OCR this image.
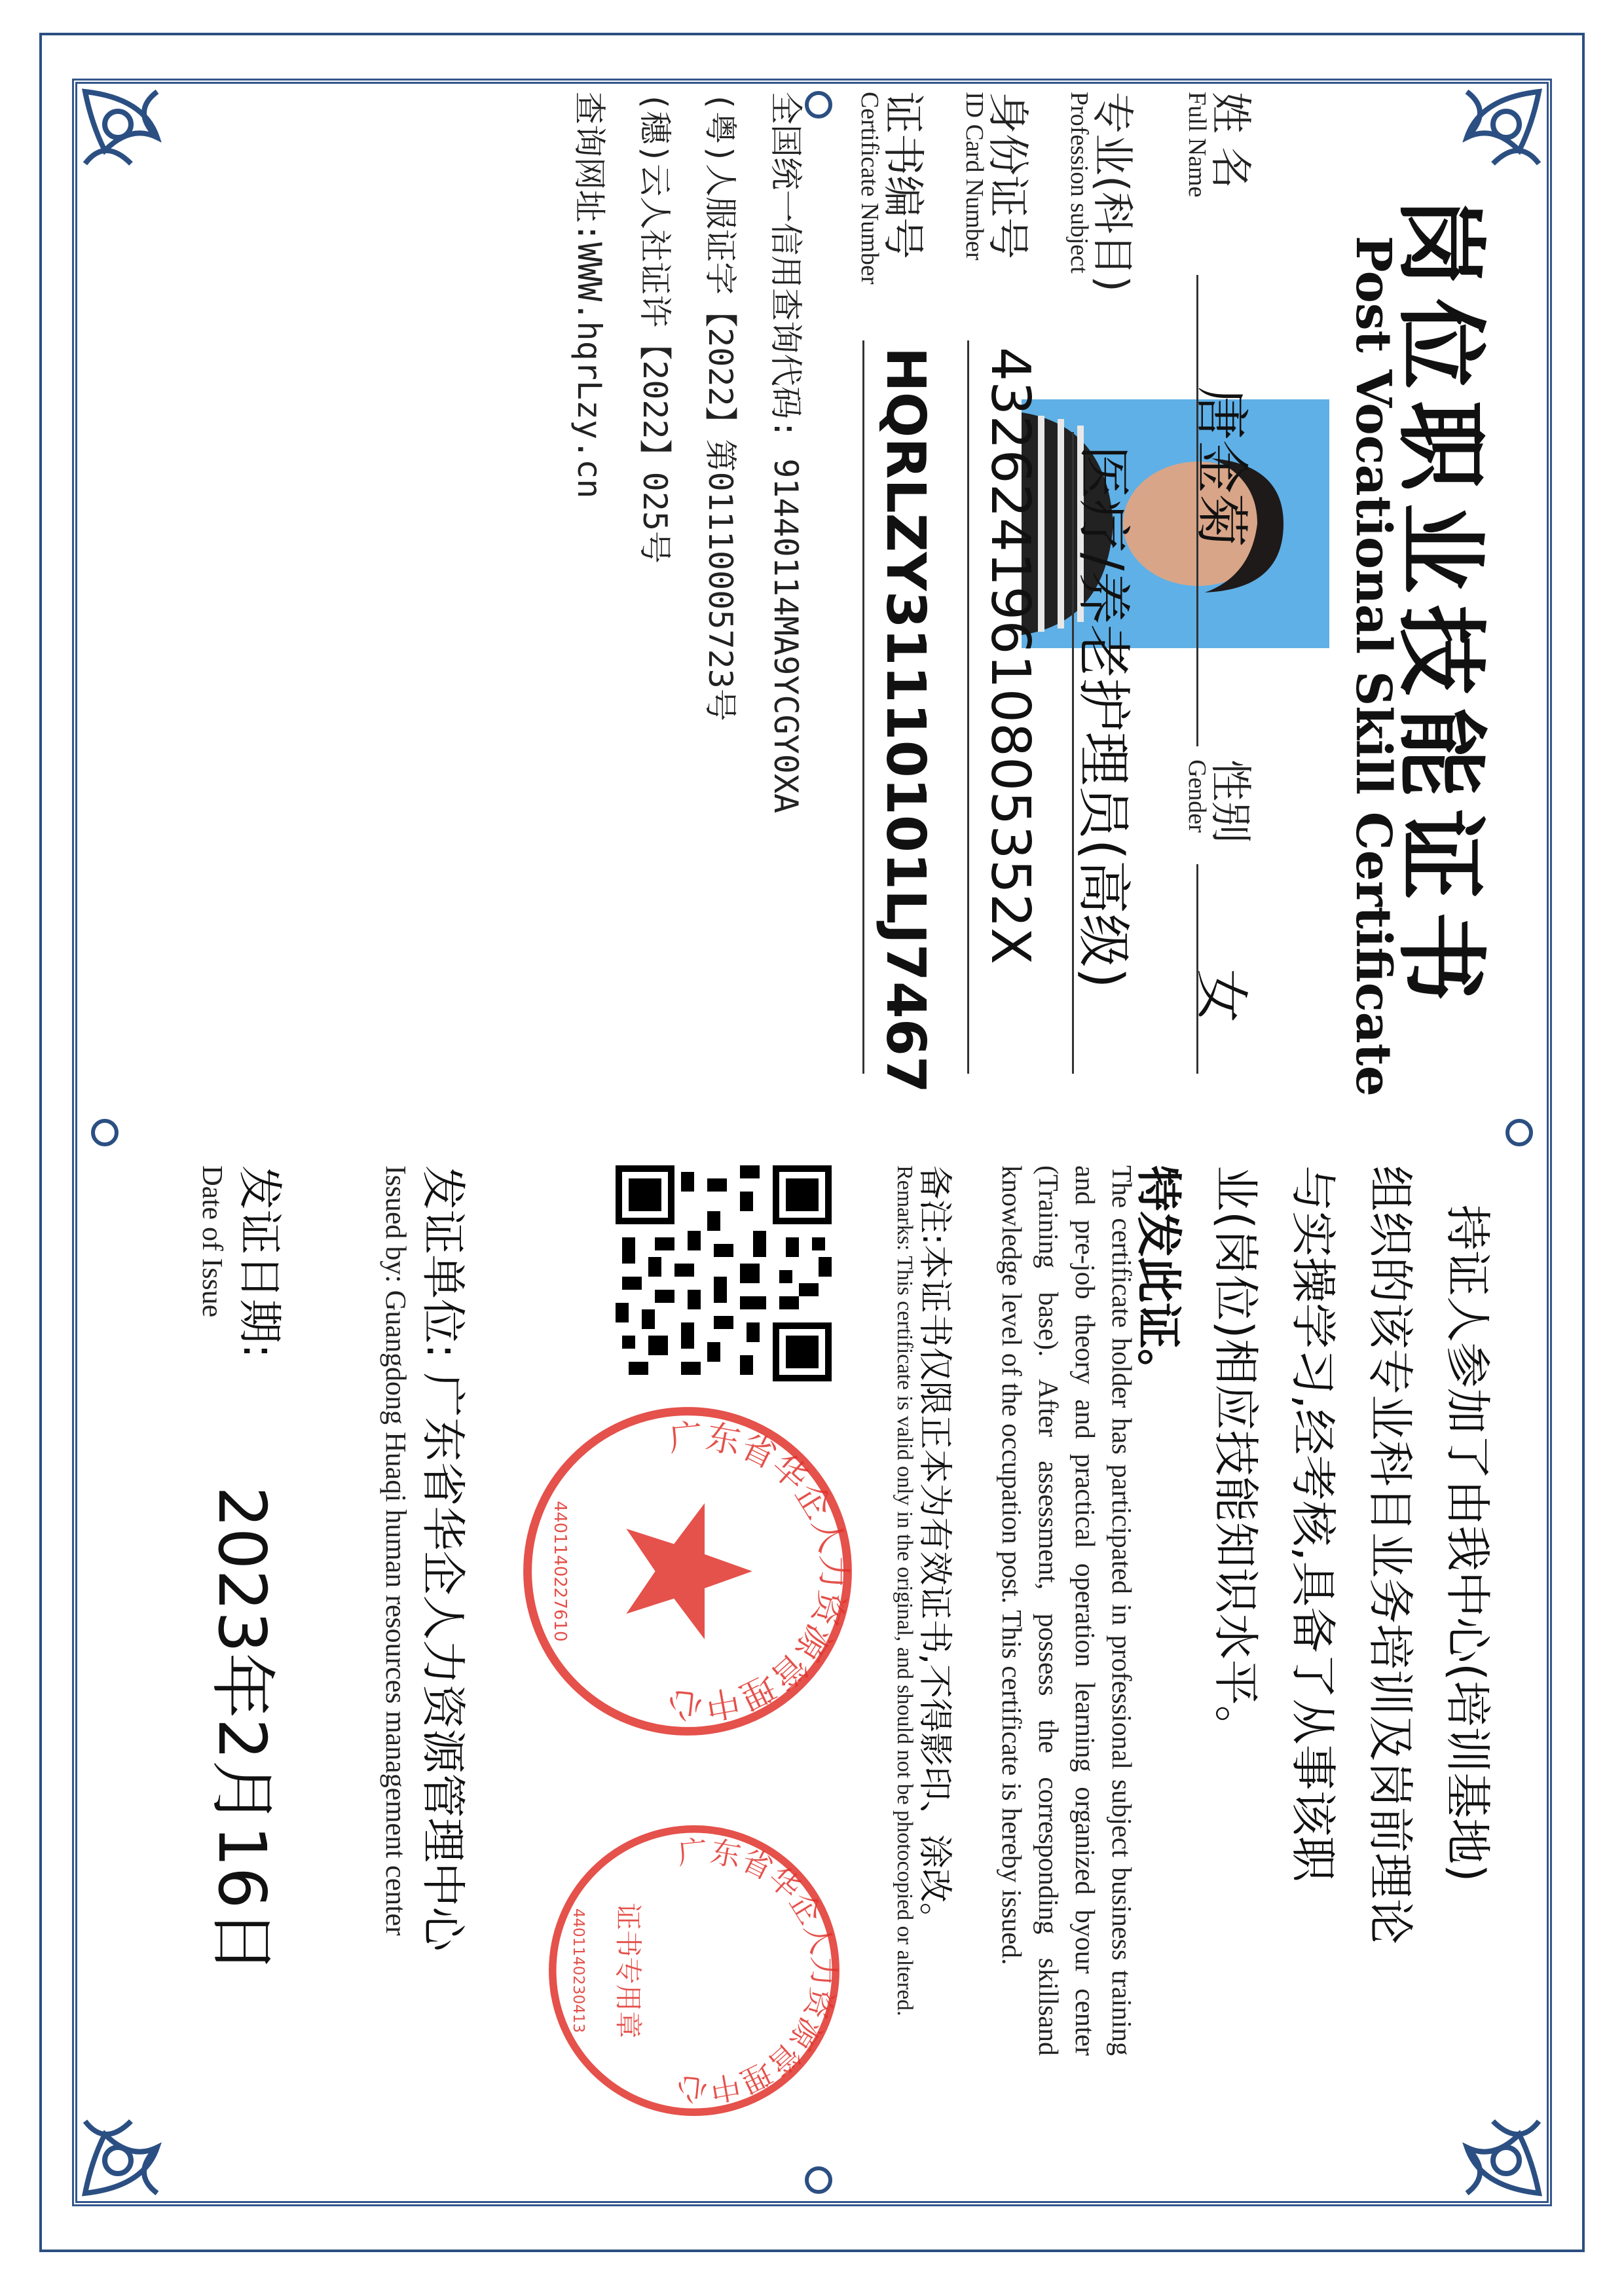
岗位职业技能证书
Post Vocational Skill Certificate
姓 名
Full Name
唐金菊
性别
Gender
女
专业(科目)
Profession subject
医疗/养老护理员(高级)
身份证号
ID Card Number
43262419610805352X
证书编号
Certificate Number
HQRLZY31110101LJ7467
全国统一信用查询代码: 91440114MA9YCGY0XA
(粤)人服证字【2022】第01110005723号
(穗)云人社证许【2022】025号
查询网址:WWW.hqrLzy.cn
持证人参加了由我中心(培训基地)
组织的该专业科目业务培训及岗前理论
与实操学习,经考核,具备了从事该职
业(岗位)相应技能知识水平。
特发此证。
The certificate holder has participated in professional subject business training and pre-job theory and practical operation learning organized byour center (Training base). After assessment, possess the corresponding skillsand knowledge level of the occupation post. This certificate is hereby issued.
备注:本证书仅限正本为有效证书,不得影印、涂改。
Remarks: This certificate is valid only in the original, and should not be photocopied or altered.
广东省华企人力资源管理中心
4401140227610
广东省华企人力资源管理中心
证书专用章
4401140230413
发证单位: 广东省华企人力资源管理中心
Issued by: Guangdong Huaqi human resources management center
发证日期:
Date of Issue
2023年2月16日
